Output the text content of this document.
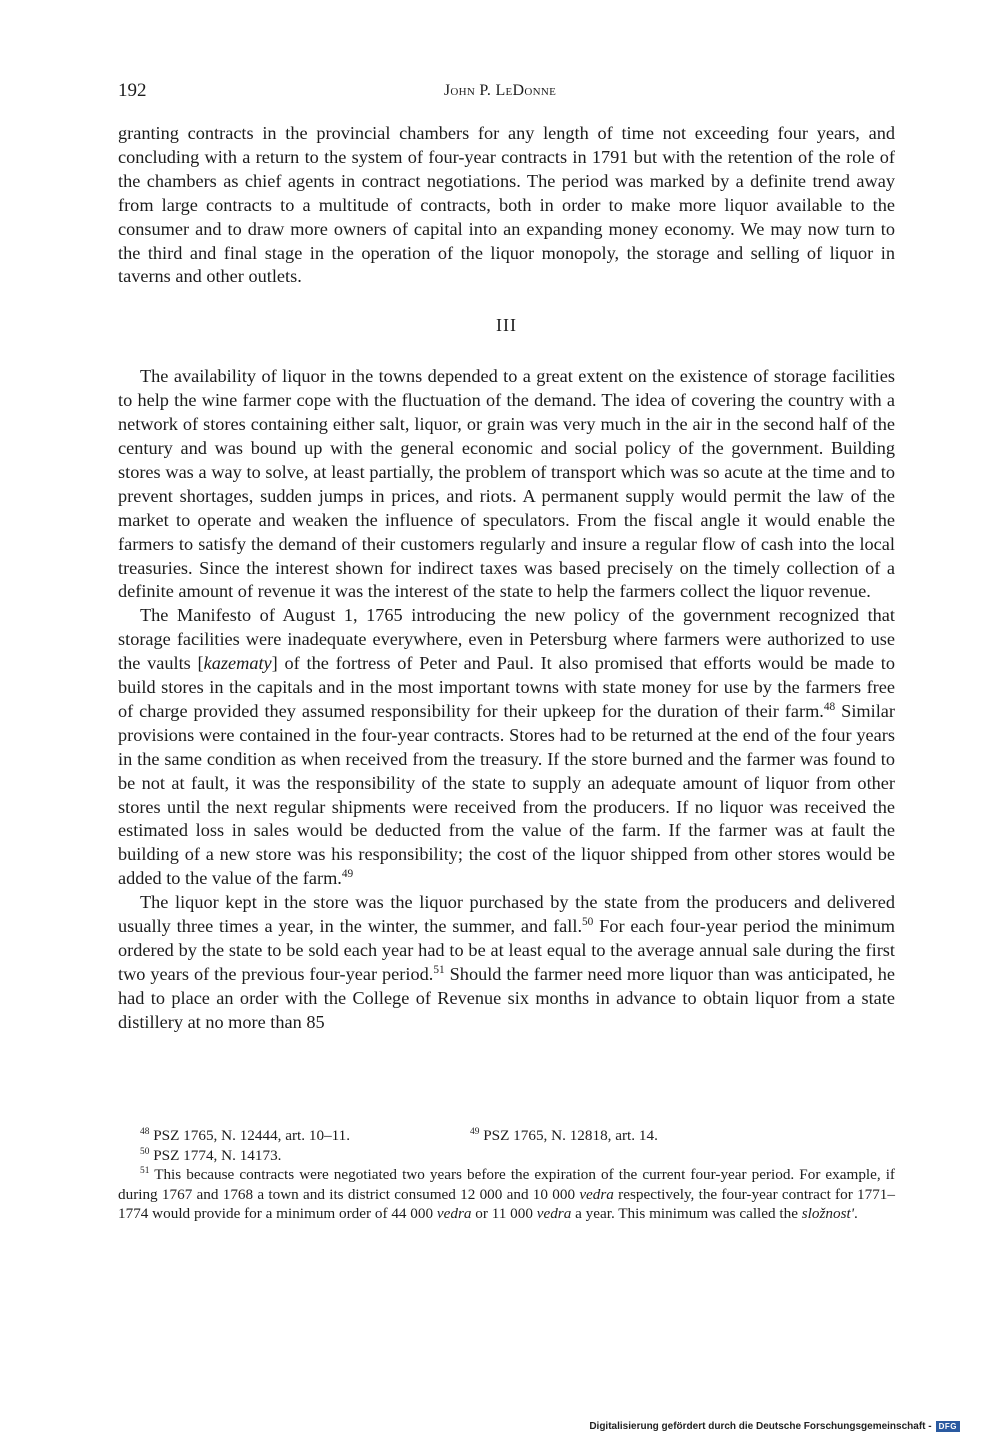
192	John P. LeDonne

granting contracts in the provincial chambers for any length of time not exceeding four years, and concluding with a return to the system of four-year contracts in 1791 but with the retention of the role of the chambers as chief agents in contract negotiations. The period was marked by a definite trend away from large contracts to a multitude of contracts, both in order to make more liquor available to the consumer and to draw more owners of capital into an expanding money economy. We may now turn to the third and final stage in the operation of the liquor monopoly, the storage and selling of liquor in taverns and other outlets.

III

The availability of liquor in the towns depended to a great extent on the existence of storage facilities to help the wine farmer cope with the fluctuation of the demand. The idea of covering the country with a network of stores containing either salt, liquor, or grain was very much in the air in the second half of the century and was bound up with the general economic and social policy of the government. Building stores was a way to solve, at least partially, the problem of transport which was so acute at the time and to prevent shortages, sudden jumps in prices, and riots. A permanent supply would permit the law of the market to operate and weaken the influence of speculators. From the fiscal angle it would enable the farmers to satisfy the demand of their customers regularly and insure a regular flow of cash into the local treasuries. Since the interest shown for indirect taxes was based precisely on the timely collection of a definite amount of revenue it was the interest of the state to help the farmers collect the liquor revenue.

The Manifesto of August 1, 1765 introducing the new policy of the government recognized that storage facilities were inadequate everywhere, even in Petersburg where farmers were authorized to use the vaults [kazematy] of the fortress of Peter and Paul. It also promised that efforts would be made to build stores in the capitals and in the most important towns with state money for use by the farmers free of charge provided they assumed responsibility for their upkeep for the duration of their farm.$^{48}$ Similar provisions were contained in the four-year contracts. Stores had to be returned at the end of the four years in the same condition as when received from the treasury. If the store burned and the farmer was found to be not at fault, it was the responsibility of the state to supply an adequate amount of liquor from other stores until the next regular shipments were received from the producers. If no liquor was received the estimated loss in sales would be deducted from the value of the farm. If the farmer was at fault the building of a new store was his responsibility; the cost of the liquor shipped from other stores would be added to the value of the farm.$^{49}$

The liquor kept in the store was the liquor purchased by the state from the producers and delivered usually three times a year, in the winter, the summer, and fall.$^{50}$ For each four-year period the minimum ordered by the state to be sold each year had to be at least equal to the average annual sale during the first two years of the previous four-year period.$^{51}$ Should the farmer need more liquor than was anticipated, he had to place an order with the College of Revenue six months in advance to obtain liquor from a state distillery at no more than 85

$^{48}$ PSZ 1765, N. 12444, art. 10–11.	$^{49}$ PSZ 1765, N. 12818, art. 14.
$^{50}$ PSZ 1774, N. 14173.

$^{51}$ This because contracts were negotiated two years before the expiration of the current four-year period. For example, if during 1767 and 1768 a town and its district consumed 12 000 and 10 000 vedra respectively, the four-year contract for 1771–1774 would provide for a minimum order of 44 000 vedra or 11 000 vedra a year. This minimum was called the složnost'.

Digitalisierung gefördert durch die Deutsche Forschungsgemeinschaft - DFG
